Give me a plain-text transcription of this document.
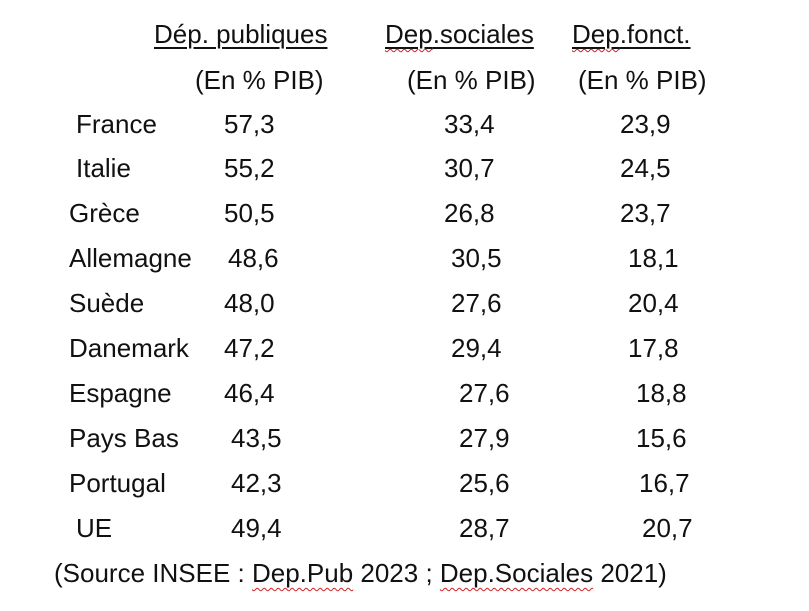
Dép. publiques Dep.sociales Dep.fonct.
(En % PIB)	(En % PIB) (En % PIB)
France	57,3	33,4	23,9
Italie	55,2	30,7	24,5
Grèce	50,5	26,8	23,7
Allemagne 48,6	30,5	18,1
Suède	48,0	27,6	20,4
Danemark 47,2	29,4	17,8
Espagne 46,4	27,6	18,8
Pays Bas 43,5	27,9	15,6
Portugal	42,3	25,6	16,7
UE	49,4	28,7	20,7
(Source INSEE : Dep.Pub 2023 ; Dep.Sociales 2021)
